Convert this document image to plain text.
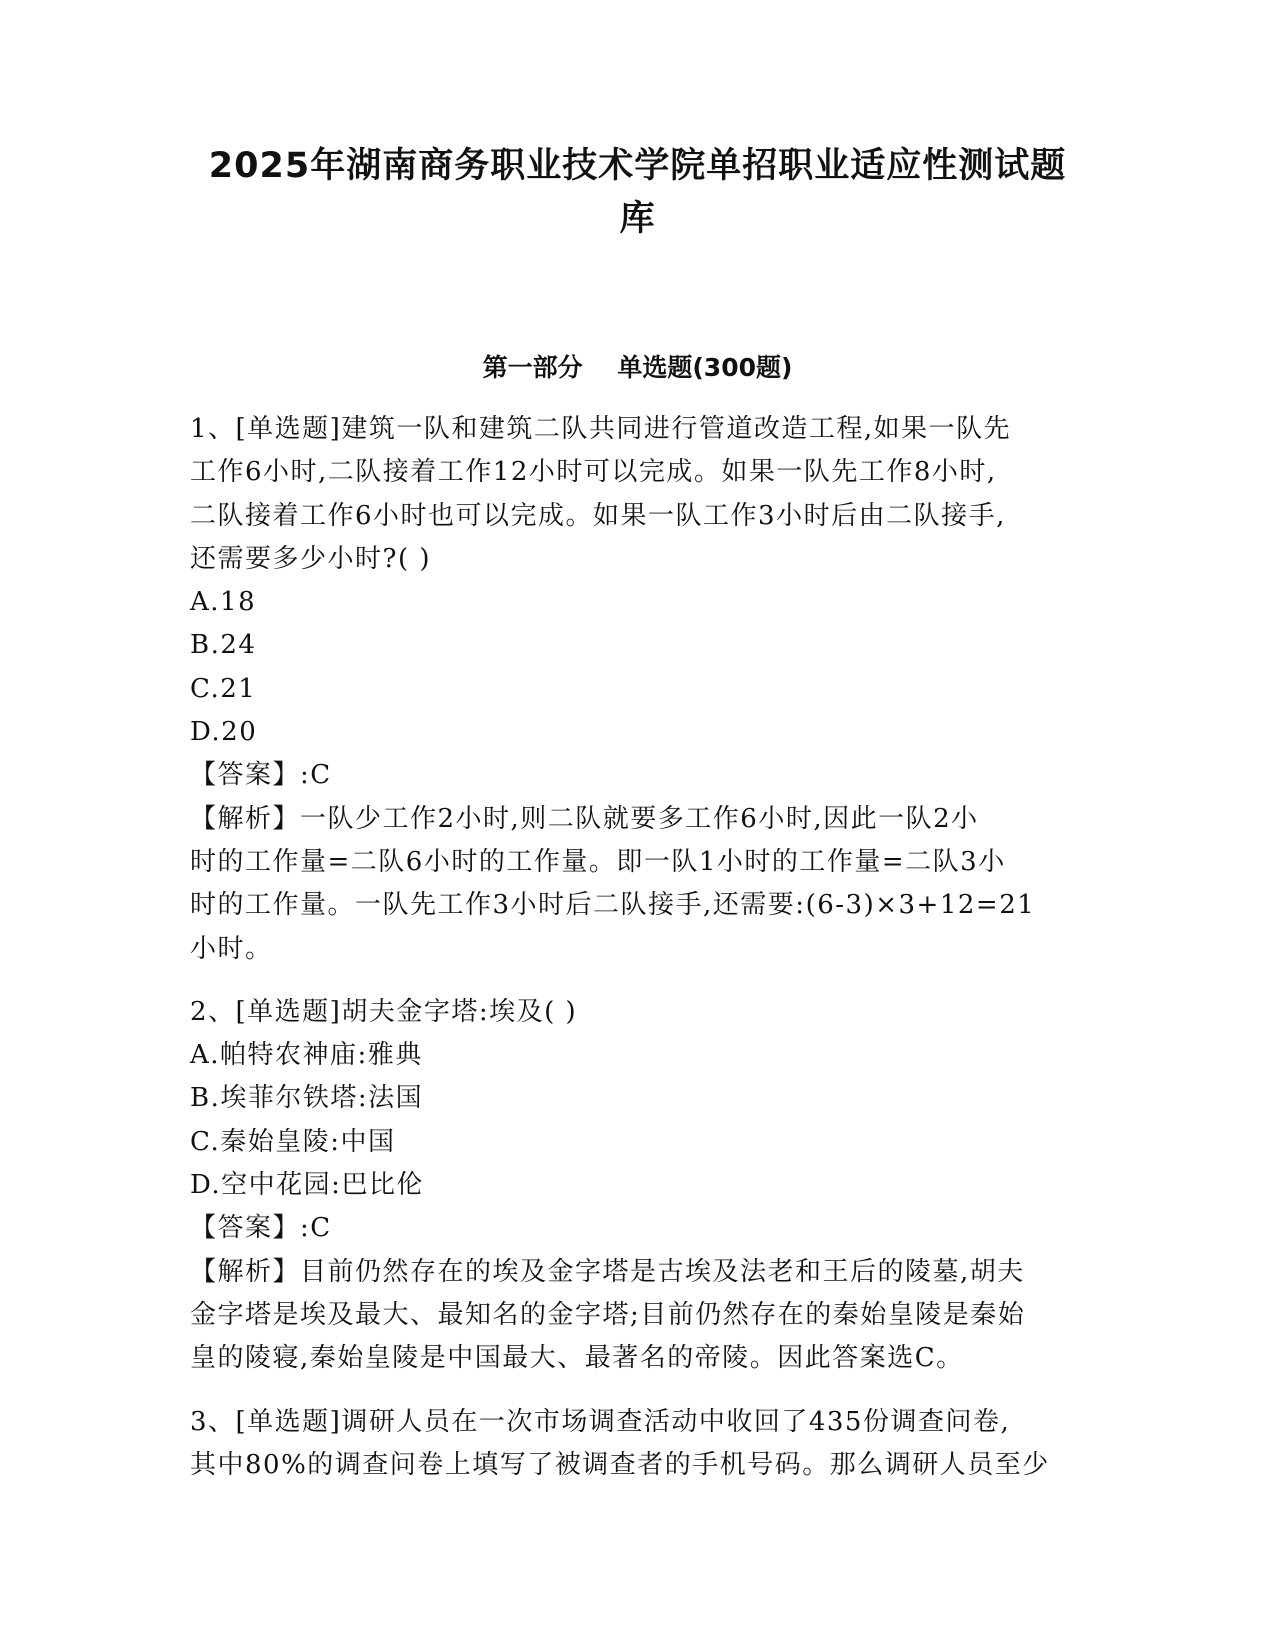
2025年湖南商务职业技术学院单招职业适应性测试题
库
第一部分    单选题(300题)
1、[单选题]建筑一队和建筑二队共同进行管道改造工程,如果一队先
工作6小时,二队接着工作12小时可以完成。如果一队先工作8小时,
二队接着工作6小时也可以完成。如果一队工作3小时后由二队接手,
还需要多少小时?( )
A.18
B.24
C.21
D.20
【答案】:C
【解析】一队少工作2小时,则二队就要多工作6小时,因此一队2小
时的工作量=二队6小时的工作量。即一队1小时的工作量=二队3小
时的工作量。一队先工作3小时后二队接手,还需要:(6-3)×3+12=21
小时。
2、[单选题]胡夫金字塔:埃及( )
A.帕特农神庙:雅典
B.埃菲尔铁塔:法国
C.秦始皇陵:中国
D.空中花园:巴比伦
【答案】:C
【解析】目前仍然存在的埃及金字塔是古埃及法老和王后的陵墓,胡夫
金字塔是埃及最大、最知名的金字塔;目前仍然存在的秦始皇陵是秦始
皇的陵寝,秦始皇陵是中国最大、最著名的帝陵。因此答案选C。
3、[单选题]调研人员在一次市场调查活动中收回了435份调查问卷,
其中80%的调查问卷上填写了被调查者的手机号码。那么调研人员至少
